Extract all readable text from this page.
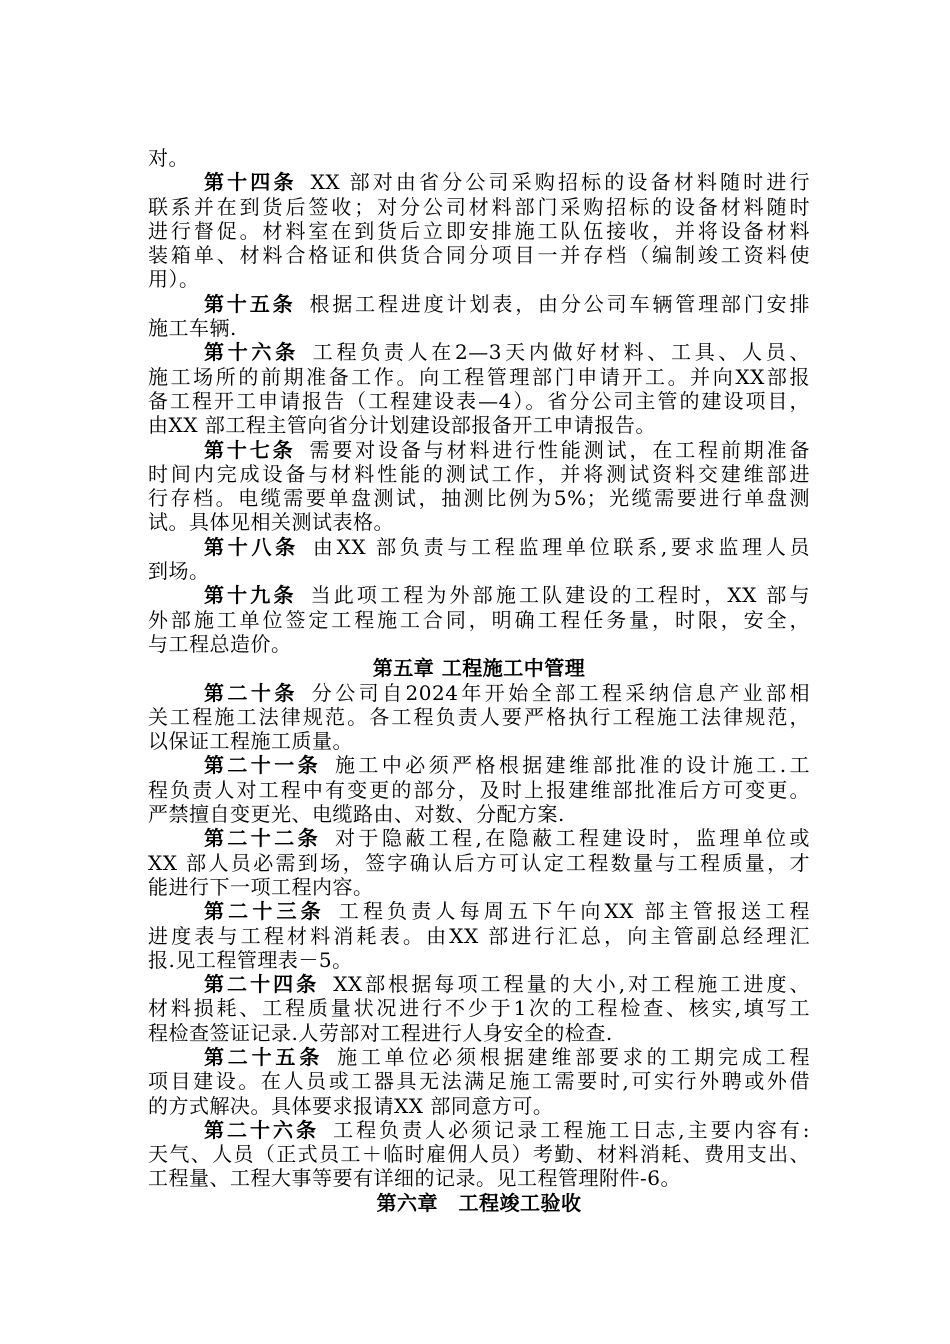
对。
第十四条 XX 部对由省分公司采购招标的设备材料随时进行
联系并在到货后签收；对分公司材料部门采购招标的设备材料随时
进行督促。材料室在到货后立即安排施工队伍接收，并将设备材料
装箱单、材料合格证和供货合同分项目一并存档（编制竣工资料使
用）。
第十五条 根据工程进度计划表，由分公司车辆管理部门安排
施工车辆.
第十六条 工程负责人在2—3天内做好材料、工具、人员、
施工场所的前期准备工作。向工程管理部门申请开工。并向XX部报
备工程开工申请报告（工程建设表—4）。省分公司主管的建设项目，
由XX 部工程主管向省分计划建设部报备开工申请报告。
第十七条 需要对设备与材料进行性能测试，在工程前期准备
时间内完成设备与材料性能的测试工作，并将测试资料交建维部进
行存档。电缆需要单盘测试，抽测比例为5%；光缆需要进行单盘测
试。具体见相关测试表格。
第十八条 由XX 部负责与工程监理单位联系,要求监理人员
到场。
第十九条 当此项工程为外部施工队建设的工程时，XX 部与
外部施工单位签定工程施工合同，明确工程任务量，时限，安全，
与工程总造价。
第五章 工程施工中管理
第二十条 分公司自2024年开始全部工程采纳信息产业部相
关工程施工法律规范。各工程负责人要严格执行工程施工法律规范，
以保证工程施工质量。
第二十一条 施工中必须严格根据建维部批准的设计施工.工
程负责人对工程中有变更的部分，及时上报建维部批准后方可变更。
严禁擅自变更光、电缆路由、对数、分配方案.
第二十二条 对于隐蔽工程,在隐蔽工程建设时，监理单位或
XX 部人员必需到场，签字确认后方可认定工程数量与工程质量，才
能进行下一项工程内容。
第二十三条 工程负责人每周五下午向XX 部主管报送工程
进度表与工程材料消耗表。由XX 部进行汇总，向主管副总经理汇
报.见工程管理表－5。
第二十四条 XX部根据每项工程量的大小,对工程施工进度、
材料损耗、工程质量状况进行不少于1次的工程检查、核实,填写工
程检查签证记录.人劳部对工程进行人身安全的检查.
第二十五条 施工单位必须根据建维部要求的工期完成工程
项目建设。在人员或工器具无法满足施工需要时,可实行外聘或外借
的方式解决。具体要求报请XX 部同意方可。
第二十六条 工程负责人必须记录工程施工日志,主要内容有:
天气、人员（正式员工＋临时雇佣人员）考勤、材料消耗、费用支出、
工程量、工程大事等要有详细的记录。见工程管理附件-6。
第六章　工程竣工验收
